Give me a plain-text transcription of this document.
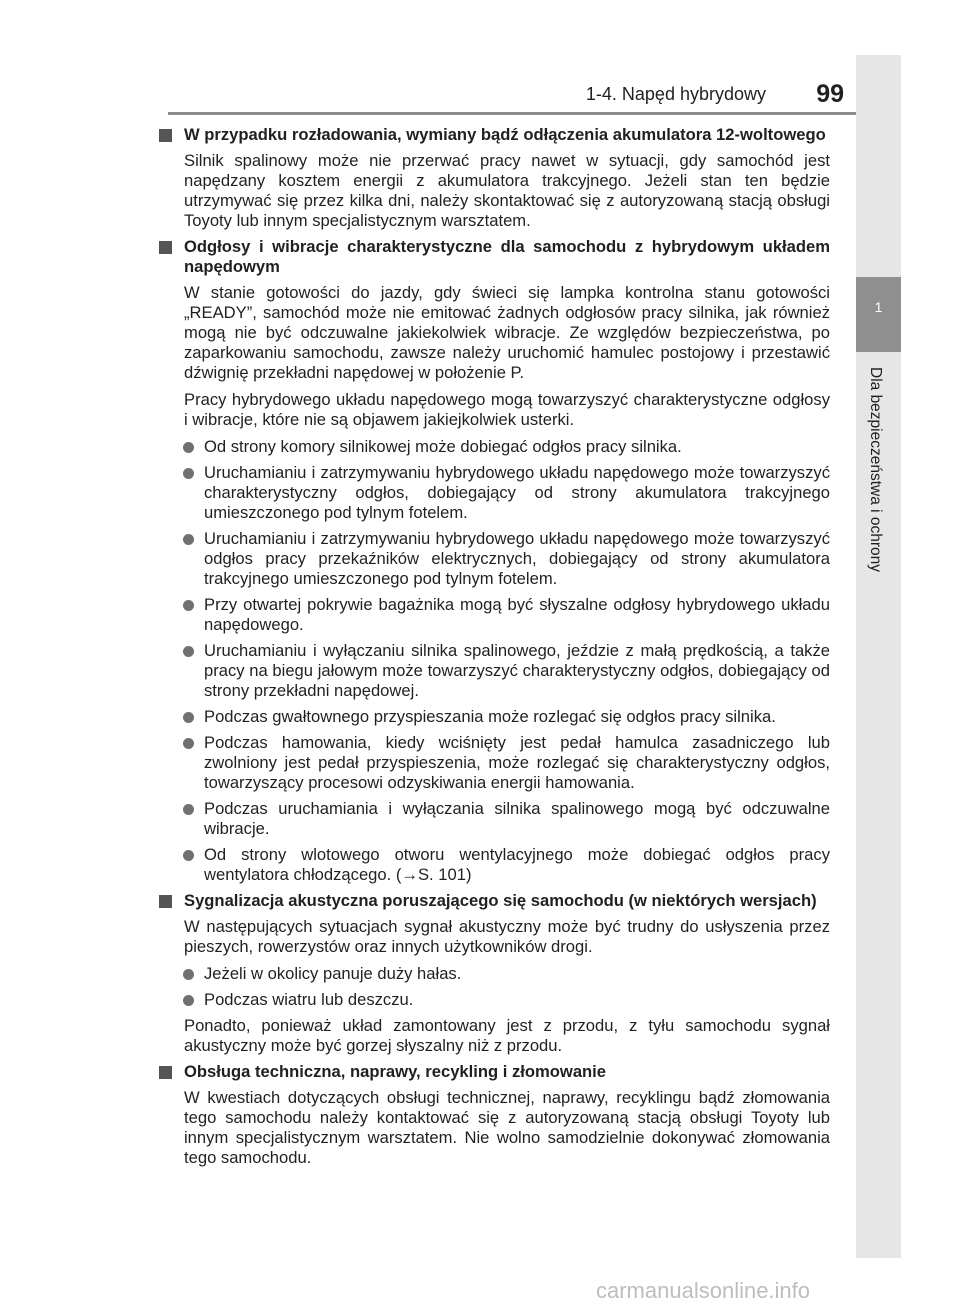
1-4. Napęd hybrydowy	99
1
Dla bezpieczeństwa i ochrony
W przypadku rozładowania, wymiany bądź odłączenia akumulatora 12-woltowego
Silnik spalinowy może nie przerwać pracy nawet w sytuacji, gdy samochód jest napędzany kosztem energii z akumulatora trakcyjnego. Jeżeli stan ten będzie utrzymywać się przez kilka dni, należy skontaktować się z autoryzowaną stacją obsługi Toyoty lub innym specjalistycznym warsztatem.
Odgłosy i wibracje charakterystyczne dla samochodu z hybrydowym układem napędowym
W stanie gotowości do jazdy, gdy świeci się lampka kontrolna stanu gotowości „READY”, samochód może nie emitować żadnych odgłosów pracy silnika, jak również mogą nie być odczuwalne jakiekolwiek wibracje. Ze względów bezpieczeństwa, po zaparkowaniu samochodu, zawsze należy uruchomić hamulec postojowy i przestawić dźwignię przekładni napędowej w położenie P.
Pracy hybrydowego układu napędowego mogą towarzyszyć charakterystyczne odgłosy i wibracje, które nie są objawem jakiejkolwiek usterki.
Od strony komory silnikowej może dobiegać odgłos pracy silnika.
Uruchamianiu i zatrzymywaniu hybrydowego układu napędowego może towarzyszyć charakterystyczny odgłos, dobiegający od strony akumulatora trakcyjnego umieszczonego pod tylnym fotelem.
Uruchamianiu i zatrzymywaniu hybrydowego układu napędowego może towarzyszyć odgłos pracy przekaźników elektrycznych, dobiegający od strony akumulatora trakcyjnego umieszczonego pod tylnym fotelem.
Przy otwartej pokrywie bagażnika mogą być słyszalne odgłosy hybrydowego układu napędowego.
Uruchamianiu i wyłączaniu silnika spalinowego, jeździe z małą prędkością, a także pracy na biegu jałowym może towarzyszyć charakterystyczny odgłos, dobiegający od strony przekładni napędowej.
Podczas gwałtownego przyspieszania może rozlegać się odgłos pracy silnika.
Podczas hamowania, kiedy wciśnięty jest pedał hamulca zasadniczego lub zwolniony jest pedał przyspieszenia, może rozlegać się charakterystyczny odgłos, towarzyszący procesowi odzyskiwania energii hamowania.
Podczas uruchamiania i wyłączania silnika spalinowego mogą być odczuwalne wibracje.
Od strony wlotowego otworu wentylacyjnego może dobiegać odgłos pracy wentylatora chłodzącego. (→S. 101)
Sygnalizacja akustyczna poruszającego się samochodu (w niektórych wersjach)
W następujących sytuacjach sygnał akustyczny może być trudny do usłyszenia przez pieszych, rowerzystów oraz innych użytkowników drogi.
Jeżeli w okolicy panuje duży hałas.
Podczas wiatru lub deszczu.
Ponadto, ponieważ układ zamontowany jest z przodu, z tyłu samochodu sygnał akustyczny może być gorzej słyszalny niż z przodu.
Obsługa techniczna, naprawy, recykling i złomowanie
W kwestiach dotyczących obsługi technicznej, naprawy, recyklingu bądź złomowania tego samochodu należy kontaktować się z autoryzowaną stacją obsługi Toyoty lub innym specjalistycznym warsztatem. Nie wolno samodzielnie dokonywać złomowania tego samochodu.
carmanualsonline.info
